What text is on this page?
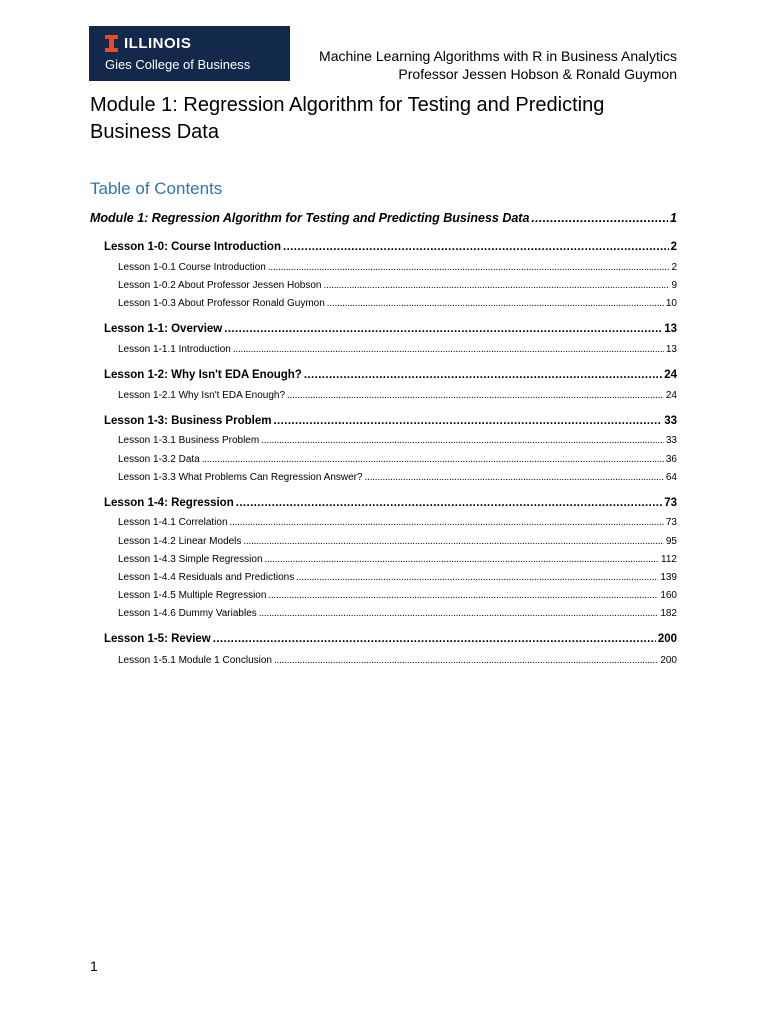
ILLINOIS
Gies College of Business
Machine Learning Algorithms with R in Business Analytics
Professor Jessen Hobson & Ronald Guymon
Module 1: Regression Algorithm for Testing and Predicting Business Data
Table of Contents
Module 1: Regression Algorithm for Testing and Predicting Business Data . . .	1
Lesson 1-0: Course Introduction . . .	2
Lesson 1-0.1 Course Introduction . . .	2
Lesson 1-0.2 About Professor Jessen Hobson . . .	9
Lesson 1-0.3 About Professor Ronald Guymon . . .	10
Lesson 1-1: Overview . . .	13
Lesson 1-1.1 Introduction . . .	13
Lesson 1-2: Why Isn't EDA Enough? . . .	24
Lesson 1-2.1 Why Isn't EDA Enough? . . .	24
Lesson 1-3: Business Problem . . .	33
Lesson 1-3.1 Business Problem . . .	33
Lesson 1-3.2 Data . . .	36
Lesson 1-3.3 What Problems Can Regression Answer? . . .	64
Lesson 1-4: Regression . . .	73
Lesson 1-4.1 Correlation . . .	73
Lesson 1-4.2 Linear Models . . .	95
Lesson 1-4.3 Simple Regression . . .	112
Lesson 1-4.4 Residuals and Predictions . . .	139
Lesson 1-4.5 Multiple Regression . . .	160
Lesson 1-4.6 Dummy Variables . . .	182
Lesson 1-5: Review . . .	200
Lesson 1-5.1 Module 1 Conclusion . . .	200
1
